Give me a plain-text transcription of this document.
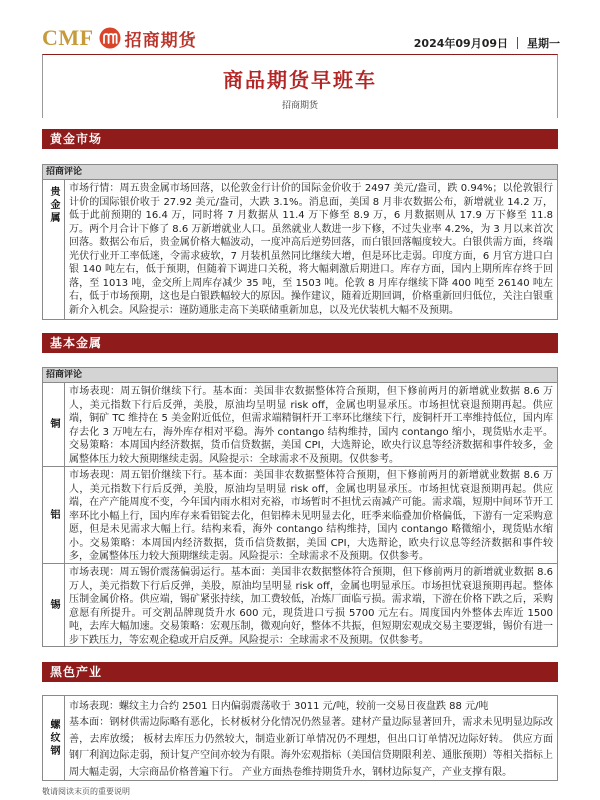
CMF 招商期货	2024年09月09日 星期一
商品期货早班车
招商期货
黄金市场
招商评论
贵金属 市场行情：周五贵金属市场回落，以伦敦金行计价的国际金价收于 2497 美元/盎司，跌 0.94%；以伦敦银行计价的国际银价收于 27.92 美元/盎司，大跌 3.1%。消息面，美国 8 月非农数据公布，新增就业 14.2 万，低于此前预期的 16.4 万，同时将 7 月数据从 11.4 万下修至 8.9 万，6 月数据则从 17.9 万下修至 11.8 万。两个月合计下修了 8.6 万新增就业人口。虽然就业人数进一步下修，不过失业率 4.2%，为 3 月以来首次回落。数据公布后，贵金属价格大幅波动，一度冲高后逆势回落，而白银回落幅度较大。白银供需方面，终端光伏行业开工率低迷，令需求疲软，7 月装机虽然同比继续大增，但是环比走弱。印度方面，6 月官方进口白银 140 吨左右，低于预期，但随着下调进口关税，将大幅刺激后期进口。库存方面，国内上期所库存终于回落，至 1013 吨，金交所上周库存减少 35 吨，至 1503 吨。伦敦 8 月库存继续下降 400 吨至 26140 吨左右，低于市场预期，这也是白银跌幅较大的原因。操作建议，随着近期回调，价格重新回归低位，关注白银重新介入机会。风险提示：谨防通胀走高下美联储重新加息，以及光伏装机大幅不及预期。

基本金属
招商评论
铜

市场表现：周五铜价继续下行。基本面：美国非农数据整体符合预期，但下修前两月的新增就业数据 8.6 万人，美元指数下行后反弹，美股，原油均呈明显 risk off，金属也明显承压。市场担忧衰退预期再起。供应端，铜矿 TC 维持在 5 美金附近低位，但需求端精铜杆开工率环比继续下行，废铜杆开工率维持低位，国内库存去化 3 万吨左右，海外库存相对平稳。海外 contango 结构维持，国内 contango 缩小，现货贴水走平。交易策略：本周国内经济数据，货币信贷数据，美国 CPI，大选辩论，欧央行议息等经济数据和事件较多，金属整体压力较大预期继续走弱。风险提示：全球需求不及预期。仅供参考。

铝

市场表现：周五铝价继续下行。基本面：美国非农数据整体符合预期，但下修前两月的新增就业数据 8.6 万人，美元指数下行后反弹，美股，原油均呈明显 risk off，金属也明显承压。市场担忧衰退预期再起。供应端，在产产能周度不变，今年国内雨水相对充裕，市场暂时不担忧云南减产可能。需求端，短期中间环节开工率环比小幅上行，国内库存来看铝锭去化，但铝棒未见明显去化，旺季来临叠加价格偏低，下游有一定采购意愿，但是未见需求大幅上行。结构来看，海外 contango 结构维持，国内 contango 略微缩小，现货贴水缩小。交易策略：本周国内经济数据，货币信贷数据，美国 CPI，大选辩论，欧央行议息等经济数据和事件较多，金属整体压力较大预期继续走弱。风险提示：全球需求不及预期。仅供参考。

锡

市场表现：周五锡价震荡偏弱运行。基本面：美国非农数据整体符合预期，但下修前两月的新增就业数据 8.6 万人，美元指数下行后反弹，美股，原油均呈明显 risk off，金属也明显承压。市场担忧衰退预期再起。整体压制金属价格。供应端，锡矿紧张持续，加工费较低，冶炼厂面临亏损。需求端，下游在价格下跌之后，采购意愿有所提升。可交割品牌现货升水 600 元，现货进口亏损 5700 元左右。周度国内外整体去库近 1500 吨，去库大幅加速。交易策略：宏观压制，微观向好，整体不共振，但短期宏观成交易主要逻辑，锡价有进一步下跌压力，等宏观企稳或开启反弹。风险提示：全球需求不及预期。仅供参考。

黑色产业
螺纹钢

市场表现：螺纹主力合约 2501 日内偏弱震荡收于 3011 元/吨，较前一交易日夜盘跌 88 元/吨

基本面：钢材供需边际略有恶化，长材板材分化情况仍然显著。建材产量边际显著回升，需求未见明显边际改善，去库放缓； 板材去库压力仍然较大，制造业新订单情况仍不理想，但出口订单情况边际好转。 供应方面钢厂利润边际走弱，预计复产空间亦较为有限。海外宏观指标（美国信贷期限利差、通胀预期）等相关指标上周大幅走弱，大宗商品价格普遍下行。 产业方面热卷维持期货升水，钢材边际复产，产业支撑有限。

敬请阅读末页的重要说明
